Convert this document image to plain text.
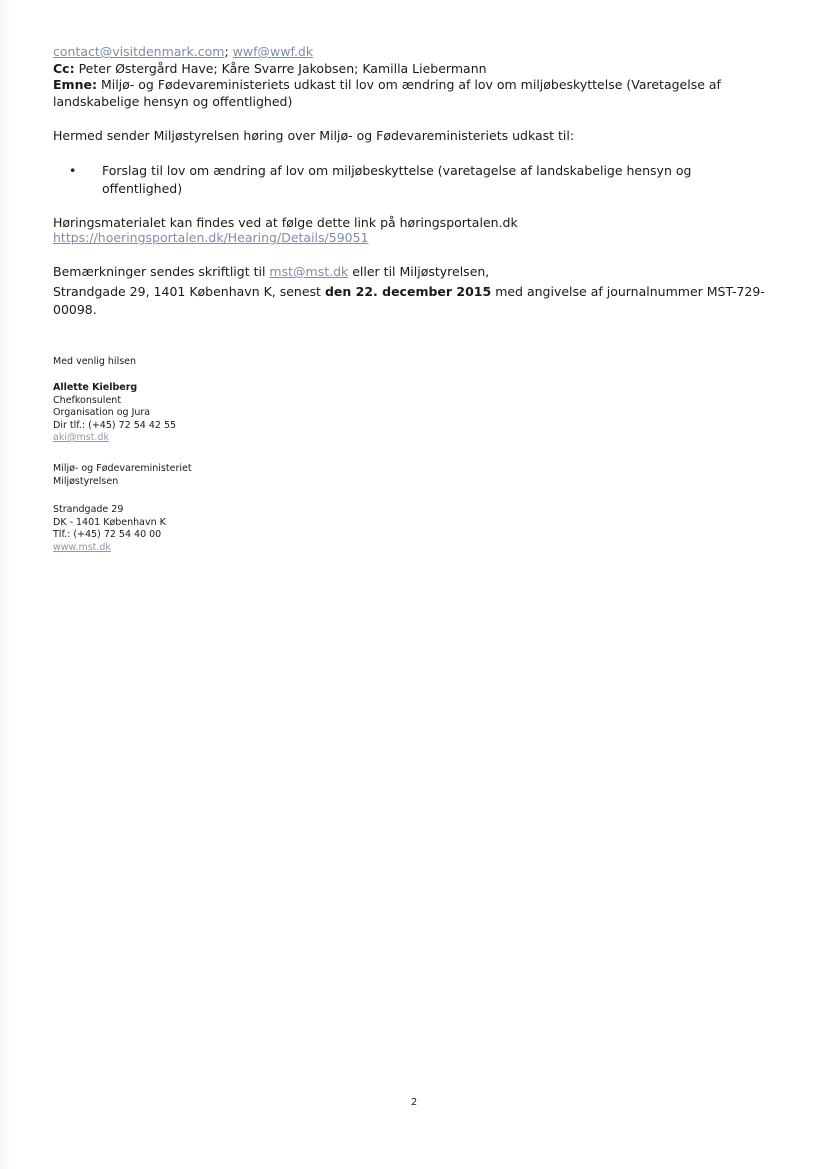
contact@visitdenmark.com; wwf@wwf.dk
Cc: Peter Østergård Have; Kåre Svarre Jakobsen; Kamilla Liebermann
Emne: Miljø- og Fødevareministeriets udkast til lov om ændring af lov om miljøbeskyttelse (Varetagelse af landskabelige hensyn og offentlighed)
Hermed sender Miljøstyrelsen høring over Miljø- og Fødevareministeriets udkast til:
• Forslag til lov om ændring af lov om miljøbeskyttelse (varetagelse af landskabelige hensyn og offentlighed)
Høringsmaterialet kan findes ved at følge dette link på høringsportalen.dk
https://hoeringsportalen.dk/Hearing/Details/59051
Bemærkninger sendes skriftligt til mst@mst.dk eller til Miljøstyrelsen,
Strandgade 29, 1401 København K, senest den 22. december 2015 med angivelse af journalnummer MST-729-00098.
Med venlig hilsen
Allette Kielberg
Chefkonsulent
Organisation og Jura
Dir tlf.: (+45) 72 54 42 55
aki@mst.dk
Miljø- og Fødevareministeriet
Miljøstyrelsen
Strandgade 29
DK - 1401 København K
Tlf.: (+45) 72 54 40 00
www.mst.dk
2
